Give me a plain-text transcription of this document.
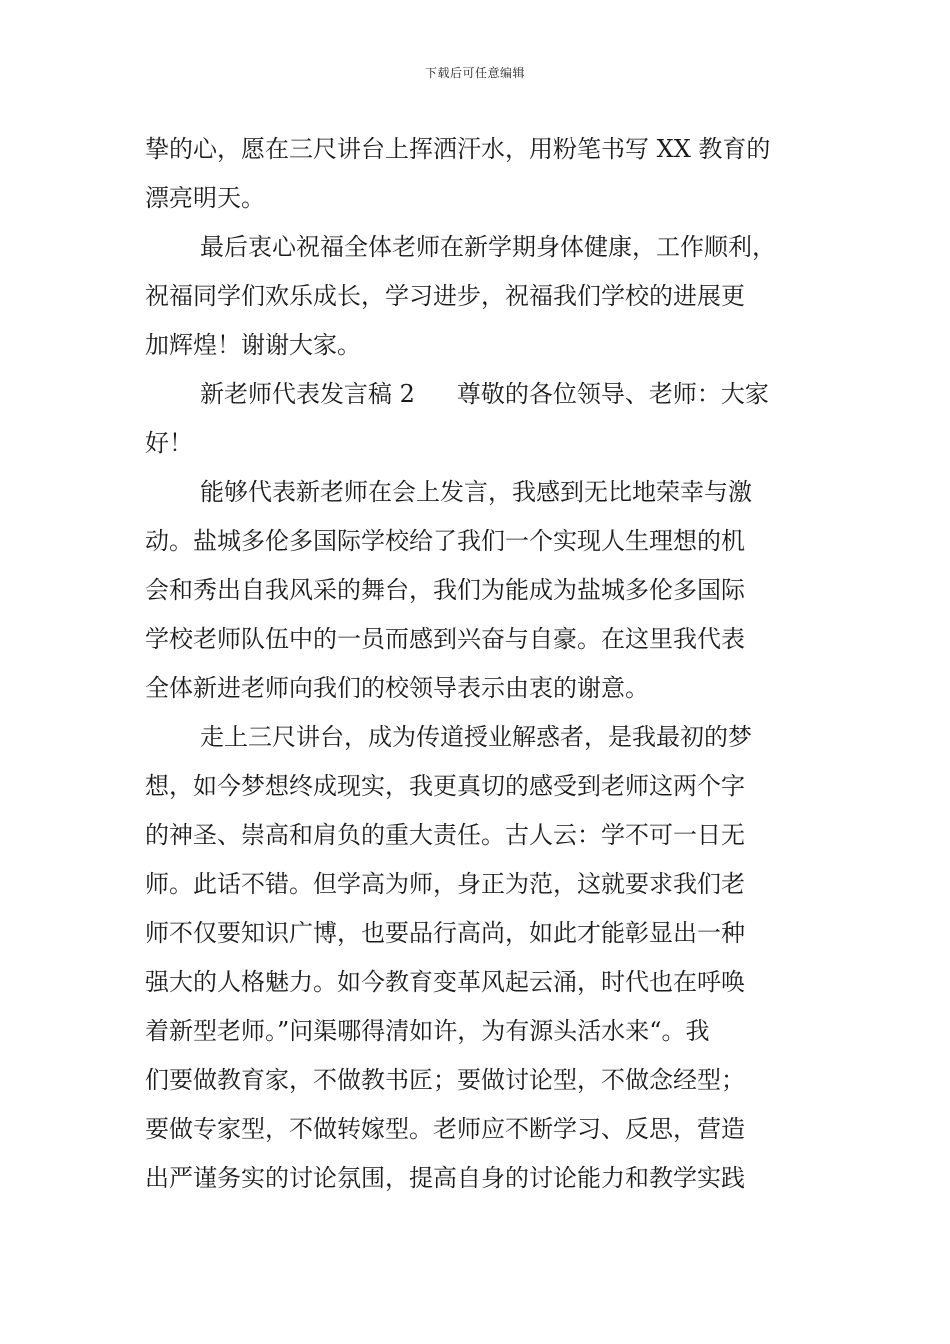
下载后可任意编辑
挚的心，愿在三尺讲台上挥洒汗水，用粉笔书写 XX 教育的
漂亮明天。
最后衷心祝福全体老师在新学期身体健康，工作顺利，
祝福同学们欢乐成长，学习进步，祝福我们学校的进展更
加辉煌！谢谢大家。
新老师代表发言稿 2 尊敬的各位领导、老师：大家
好！
能够代表新老师在会上发言，我感到无比地荣幸与激
动。盐城多伦多国际学校给了我们一个实现人生理想的机
会和秀出自我风采的舞台，我们为能成为盐城多伦多国际
学校老师队伍中的一员而感到兴奋与自豪。在这里我代表
全体新进老师向我们的校领导表示由衷的谢意。
走上三尺讲台，成为传道授业解惑者，是我最初的梦
想，如今梦想终成现实，我更真切的感受到老师这两个字
的神圣、崇高和肩负的重大责任。古人云：学不可一日无
师。此话不错。但学高为师，身正为范，这就要求我们老
师不仅要知识广博，也要品行高尚，如此才能彰显出一种
强大的人格魅力。如今教育变革风起云涌，时代也在呼唤
着新型老师。”问渠哪得清如许，为有源头活水来“。我
们要做教育家，不做教书匠；要做讨论型，不做念经型；
要做专家型，不做转嫁型。老师应不断学习、反思，营造
出严谨务实的讨论氛围，提高自身的讨论能力和教学实践
